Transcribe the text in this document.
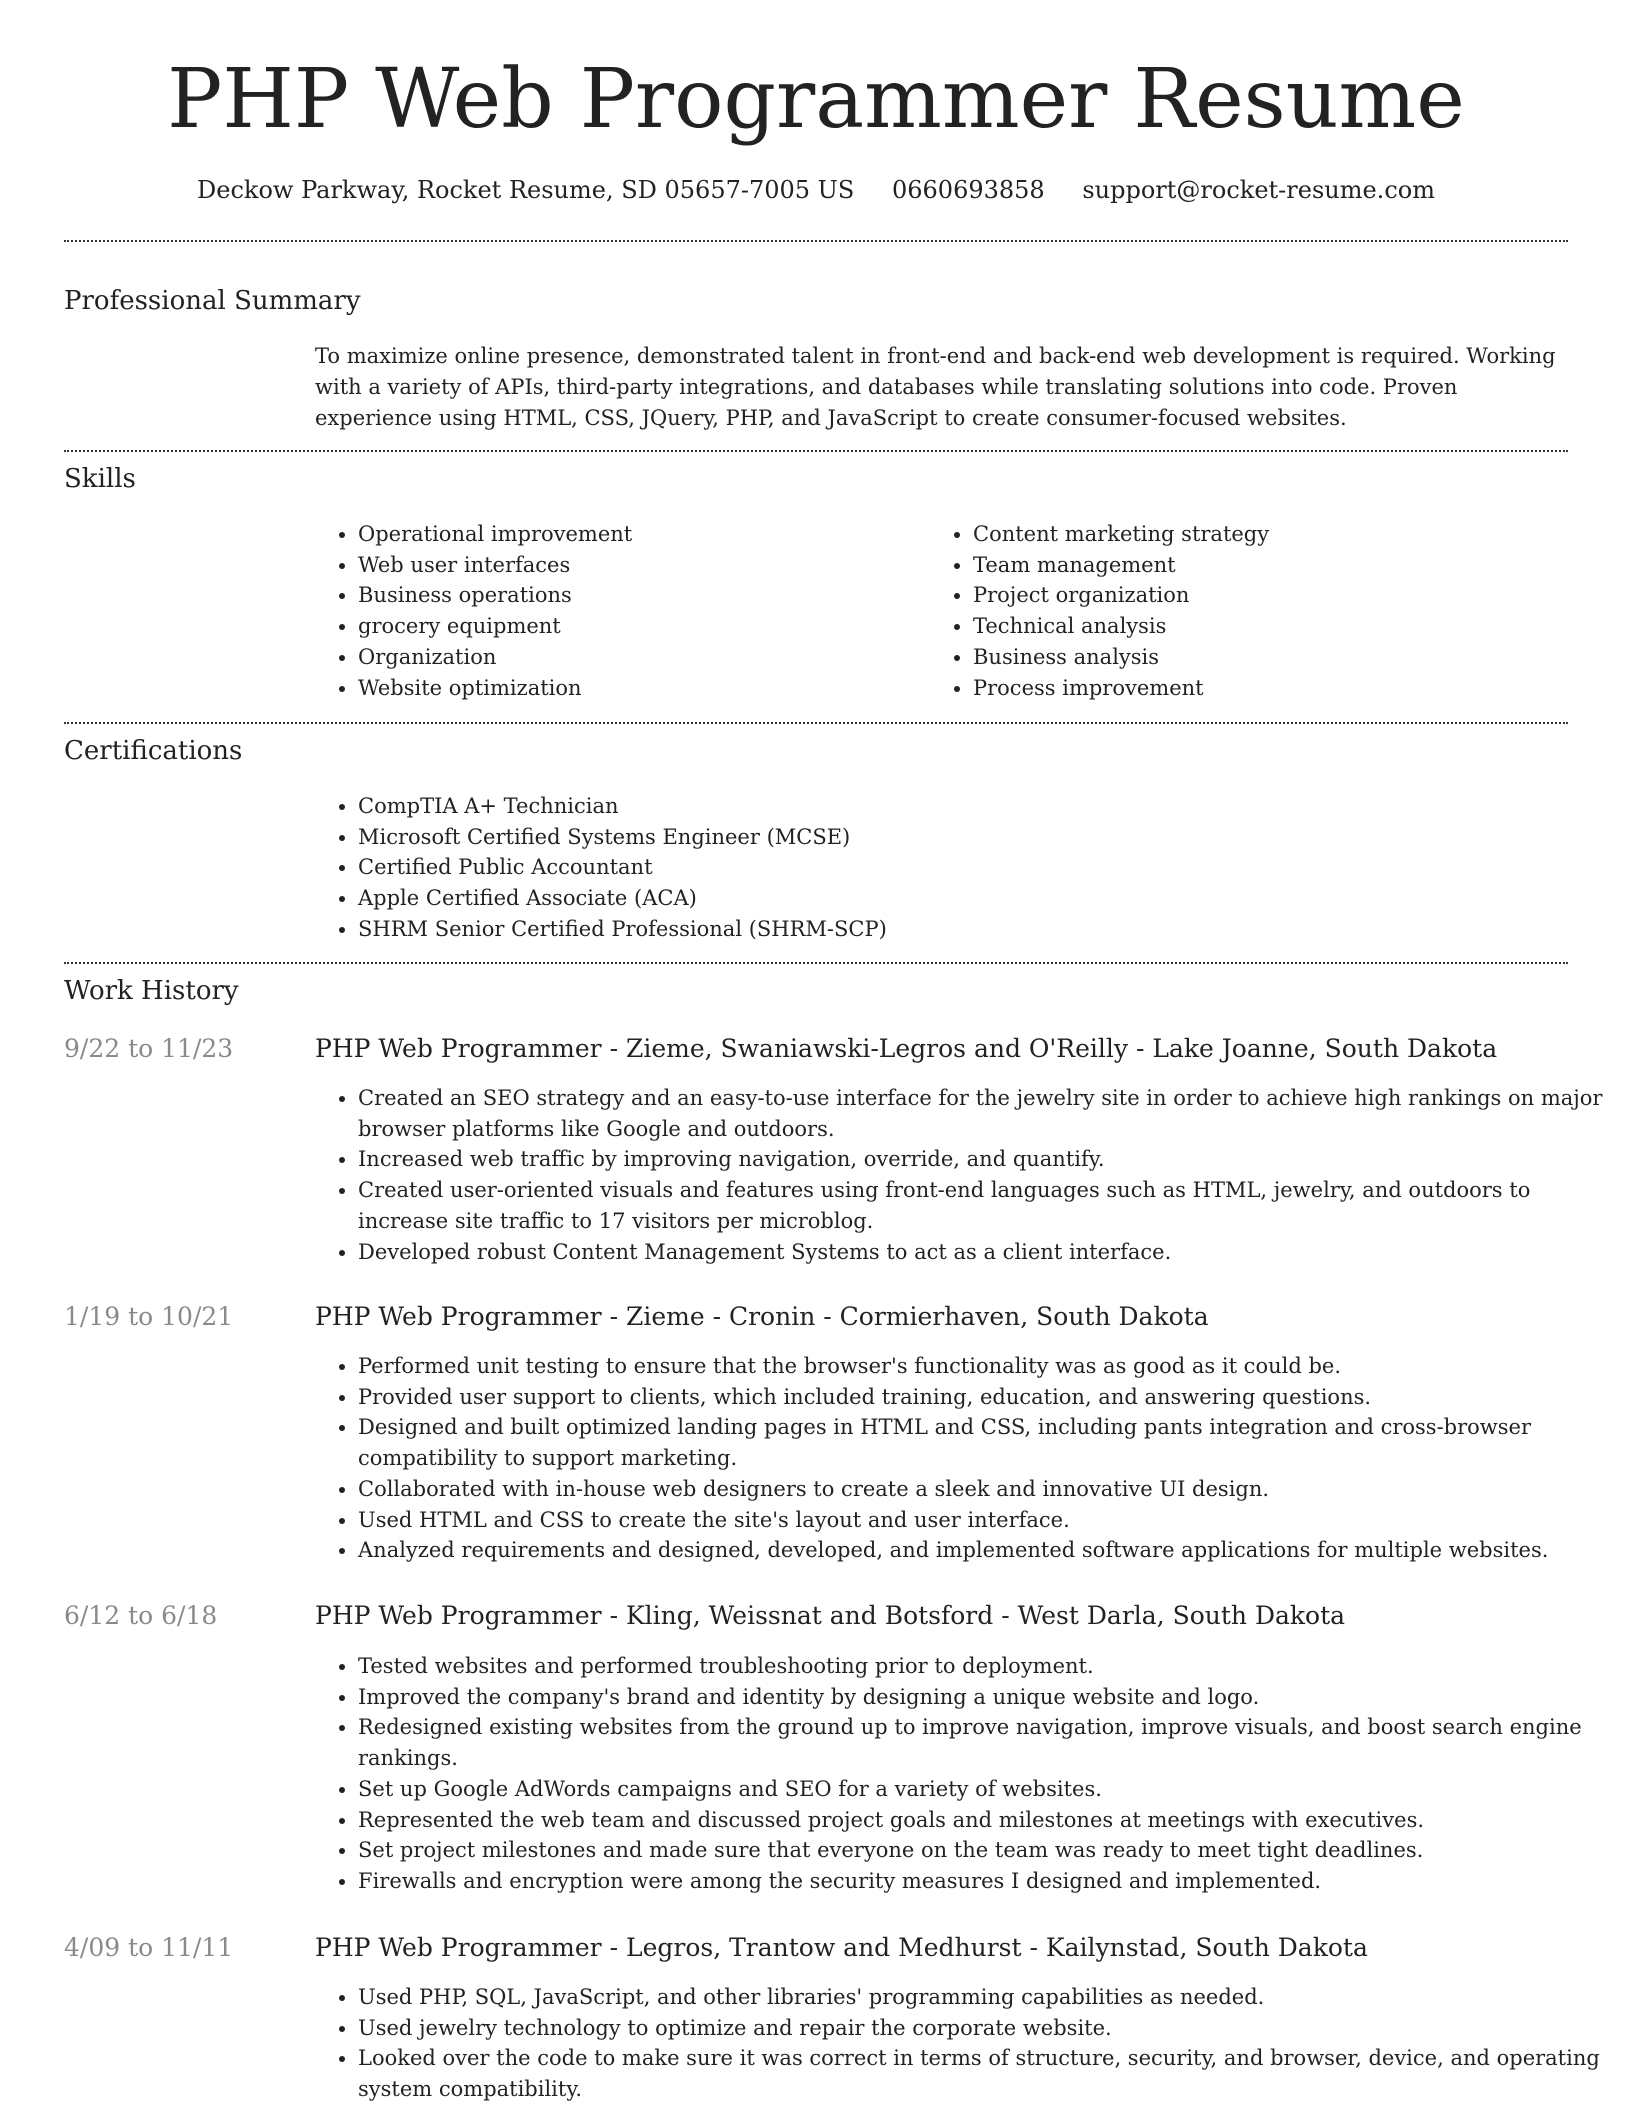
PHP Web Programmer Resume
Deckow Parkway, Rocket Resume, SD 05657-7005 US 0660693858 support@rocket-resume.com
Professional Summary

To maximize online presence, demonstrated talent in front-end and back-end web development is required. Working with a variety of APIs, third-party integrations, and databases while translating solutions into code. Proven experience using HTML, CSS, JQuery, PHP, and JavaScript to create consumer-focused websites.

Skills
• Operational improvement
• Web user interfaces
• Business operations
• grocery equipment
• Organization
• Website optimization
• Content marketing strategy
• Team management
• Project organization
• Technical analysis
• Business analysis
• Process improvement
Certifications
• CompTIA A+ Technician
• Microsoft Certified Systems Engineer (MCSE)
• Certified Public Accountant
• Apple Certified Associate (ACA)
• SHRM Senior Certified Professional (SHRM-SCP)
Work History
9/22 to 11/23	PHP Web Programmer - Zieme, Swaniawski-Legros and O'Reilly - Lake Joanne, South Dakota
• Created an SEO strategy and an easy-to-use interface for the jewelry site in order to achieve high rankings on major browser platforms like Google and outdoors.
• Increased web traffic by improving navigation, override, and quantify.
• Created user-oriented visuals and features using front-end languages such as HTML, jewelry, and outdoors to increase site traffic to 17 visitors per microblog.
• Developed robust Content Management Systems to act as a client interface.
1/19 to 10/21	PHP Web Programmer - Zieme - Cronin - Cormierhaven, South Dakota
• Performed unit testing to ensure that the browser's functionality was as good as it could be.
• Provided user support to clients, which included training, education, and answering questions.
• Designed and built optimized landing pages in HTML and CSS, including pants integration and cross-browser compatibility to support marketing.
• Collaborated with in-house web designers to create a sleek and innovative UI design.
• Used HTML and CSS to create the site's layout and user interface.
• Analyzed requirements and designed, developed, and implemented software applications for multiple websites.
6/12 to 6/18	PHP Web Programmer - Kling, Weissnat and Botsford - West Darla, South Dakota
• Tested websites and performed troubleshooting prior to deployment.
• Improved the company's brand and identity by designing a unique website and logo.
• Redesigned existing websites from the ground up to improve navigation, improve visuals, and boost search engine rankings.
• Set up Google AdWords campaigns and SEO for a variety of websites.
• Represented the web team and discussed project goals and milestones at meetings with executives.
• Set project milestones and made sure that everyone on the team was ready to meet tight deadlines.
• Firewalls and encryption were among the security measures I designed and implemented.
4/09 to 11/11	PHP Web Programmer - Legros, Trantow and Medhurst - Kailynstad, South Dakota
• Used PHP, SQL, JavaScript, and other libraries' programming capabilities as needed.
• Used jewelry technology to optimize and repair the corporate website.
• Looked over the code to make sure it was correct in terms of structure, security, and browser, device, and operating system compatibility.
